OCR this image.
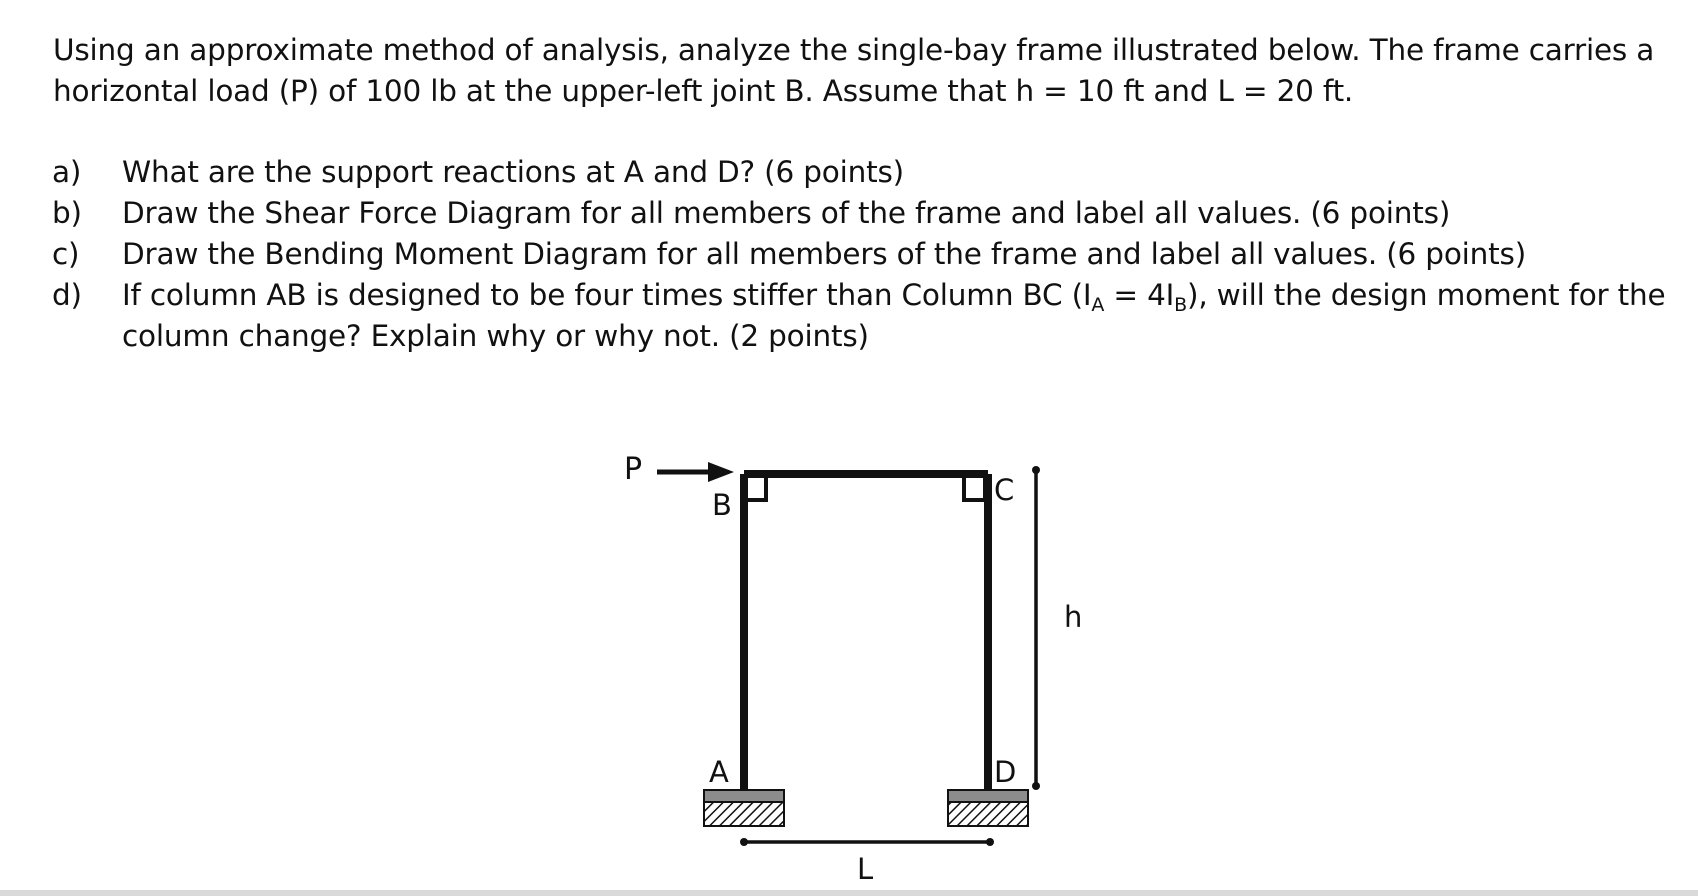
Using an approximate method of analysis, analyze the single-bay frame illustrated below. The frame carries a

horizontal load (P) of 100 lb at the upper-left joint B. Assume that h = 10 ft and L = 20 ft.

a) What are the support reactions at A and D? (6 points)
b) Draw the Shear Force Diagram for all members of the frame and label all values. (6 points)
c) Draw the Bending Moment Diagram for all members of the frame and label all values. (6 points)
d) If column AB is designed to be four times stiffer than Column BC $(I_A = 4I_B)$, will the design moment for the
column change? Explain why or why not. (2 points)
P
B	C
A	D
h
L
